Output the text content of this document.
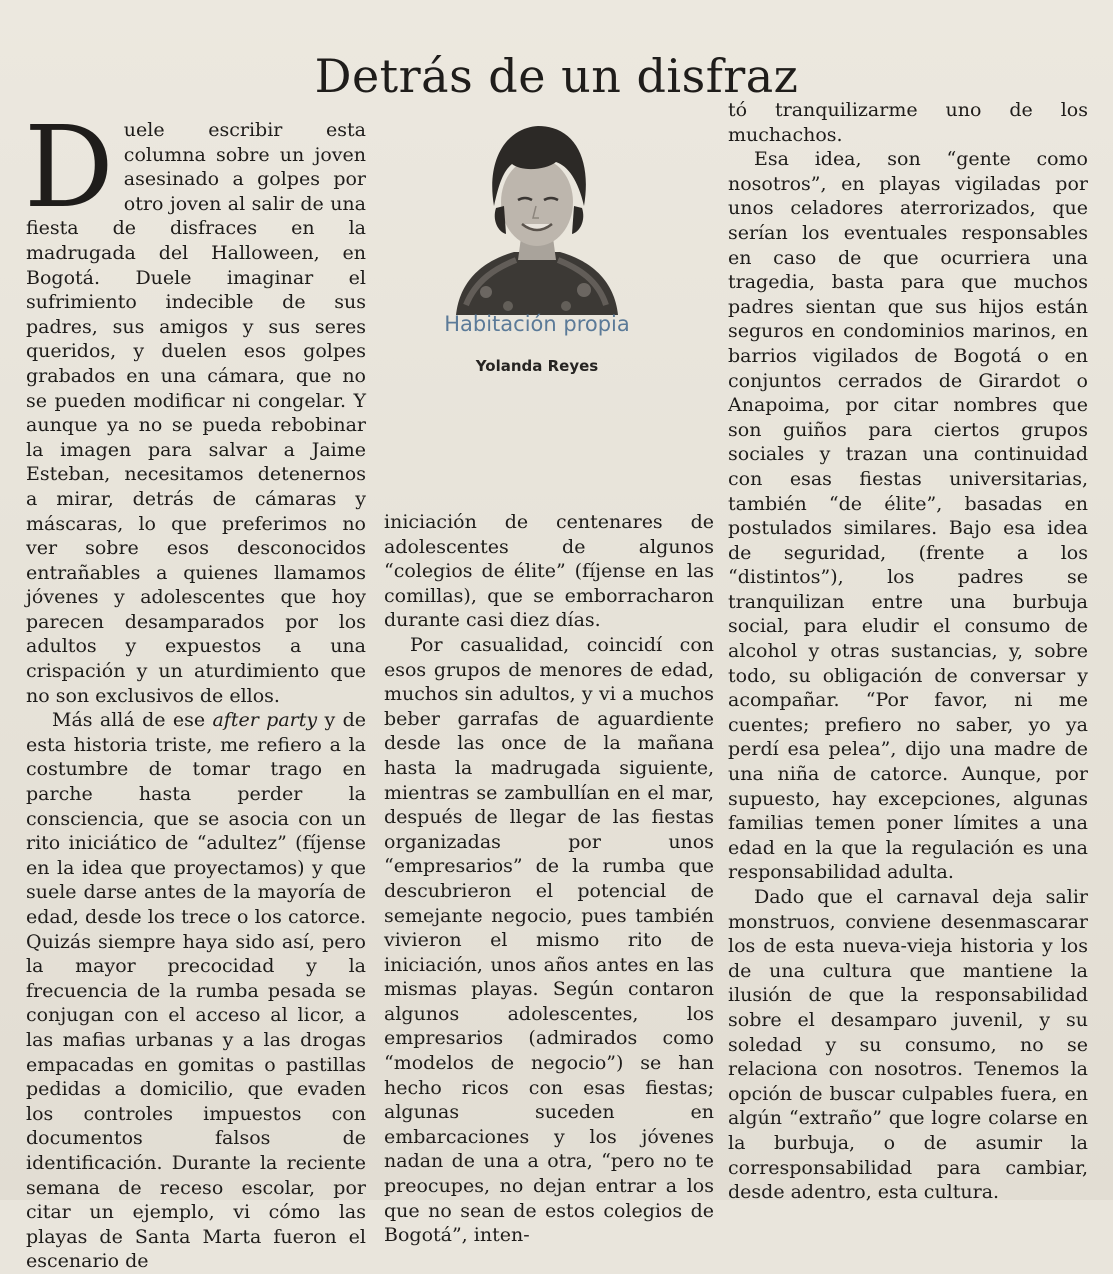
Detrás de un disfraz

Duele escribir esta columna sobre un joven asesinado a golpes por otro joven al salir de una fiesta de disfraces en la madrugada del Halloween, en Bogotá. Duele imaginar el sufrimiento indecible de sus padres, sus amigos y sus seres queridos, y duelen esos golpes grabados en una cámara, que no se pueden modificar ni congelar. Y aunque ya no se pueda rebobinar la imagen para salvar a Jaime Esteban, necesitamos detenernos a mirar, detrás de cámaras y máscaras, lo que preferimos no ver sobre esos desconocidos entrañables a quienes llamamos jóvenes y adolescentes que hoy parecen desamparados por los adultos y expuestos a una crispación y un aturdimiento que no son exclusivos de ellos.

Más allá de ese after party y de esta historia triste, me refiero a la costumbre de tomar trago en parche hasta perder la consciencia, que se asocia con un rito iniciático de “adultez” (fíjense en la idea que proyectamos) y que suele darse antes de la mayoría de edad, desde los trece o los catorce. Quizás siempre haya sido así, pero la mayor precocidad y la frecuencia de la rumba pesada se conjugan con el acceso al licor, a las mafias urbanas y a las drogas empacadas en gomitas o pastillas pedidas a domicilio, que evaden los controles impuestos con documentos falsos de identificación. Durante la reciente semana de receso escolar, por citar un ejemplo, vi cómo las playas de Santa Marta fueron el escenario de

Habitación propia
Yolanda Reyes

iniciación de centenares de adolescentes de algunos “colegios de élite” (fíjense en las comillas), que se emborracharon durante casi diez días.

Por casualidad, coincidí con esos grupos de menores de edad, muchos sin adultos, y vi a muchos beber garrafas de aguardiente desde las once de la mañana hasta la madrugada siguiente, mientras se zambullían en el mar, después de llegar de las fiestas organizadas por unos “empresarios” de la rumba que descubrieron el potencial de semejante negocio, pues también vivieron el mismo rito de iniciación, unos años antes en las mismas playas. Según contaron algunos adolescentes, los empresarios (admirados como “modelos de negocio”) se han hecho ricos con esas fiestas; algunas suceden en embarcaciones y los jóvenes nadan de una a otra, “pero no te preocupes, no dejan entrar a los que no sean de estos colegios de Bogotá”, inten-

tó tranquilizarme uno de los muchachos.

Esa idea, son “gente como nosotros”, en playas vigiladas por unos celadores aterrorizados, que serían los eventuales responsables en caso de que ocurriera una tragedia, basta para que muchos padres sientan que sus hijos están seguros en condominios marinos, en barrios vigilados de Bogotá o en conjuntos cerrados de Girardot o Anapoima, por citar nombres que son guiños para ciertos grupos sociales y trazan una continuidad con esas fiestas universitarias, también “de élite”, basadas en postulados similares. Bajo esa idea de seguridad, (frente a los “distintos”), los padres se tranquilizan entre una burbuja social, para eludir el consumo de alcohol y otras sustancias, y, sobre todo, su obligación de conversar y acompañar. “Por favor, ni me cuentes; prefiero no saber, yo ya perdí esa pelea”, dijo una madre de una niña de catorce. Aunque, por supuesto, hay excepciones, algunas familias temen poner límites a una edad en la que la regulación es una responsabilidad adulta.

Dado que el carnaval deja salir monstruos, conviene desenmascarar los de esta nueva-vieja historia y los de una cultura que mantiene la ilusión de que la responsabilidad sobre el desamparo juvenil, y su soledad y su consumo, no se relaciona con nosotros. Tenemos la opción de buscar culpables fuera, en algún “extraño” que logre colarse en la burbuja, o de asumir la corresponsabilidad para cambiar, desde adentro, esta cultura.
